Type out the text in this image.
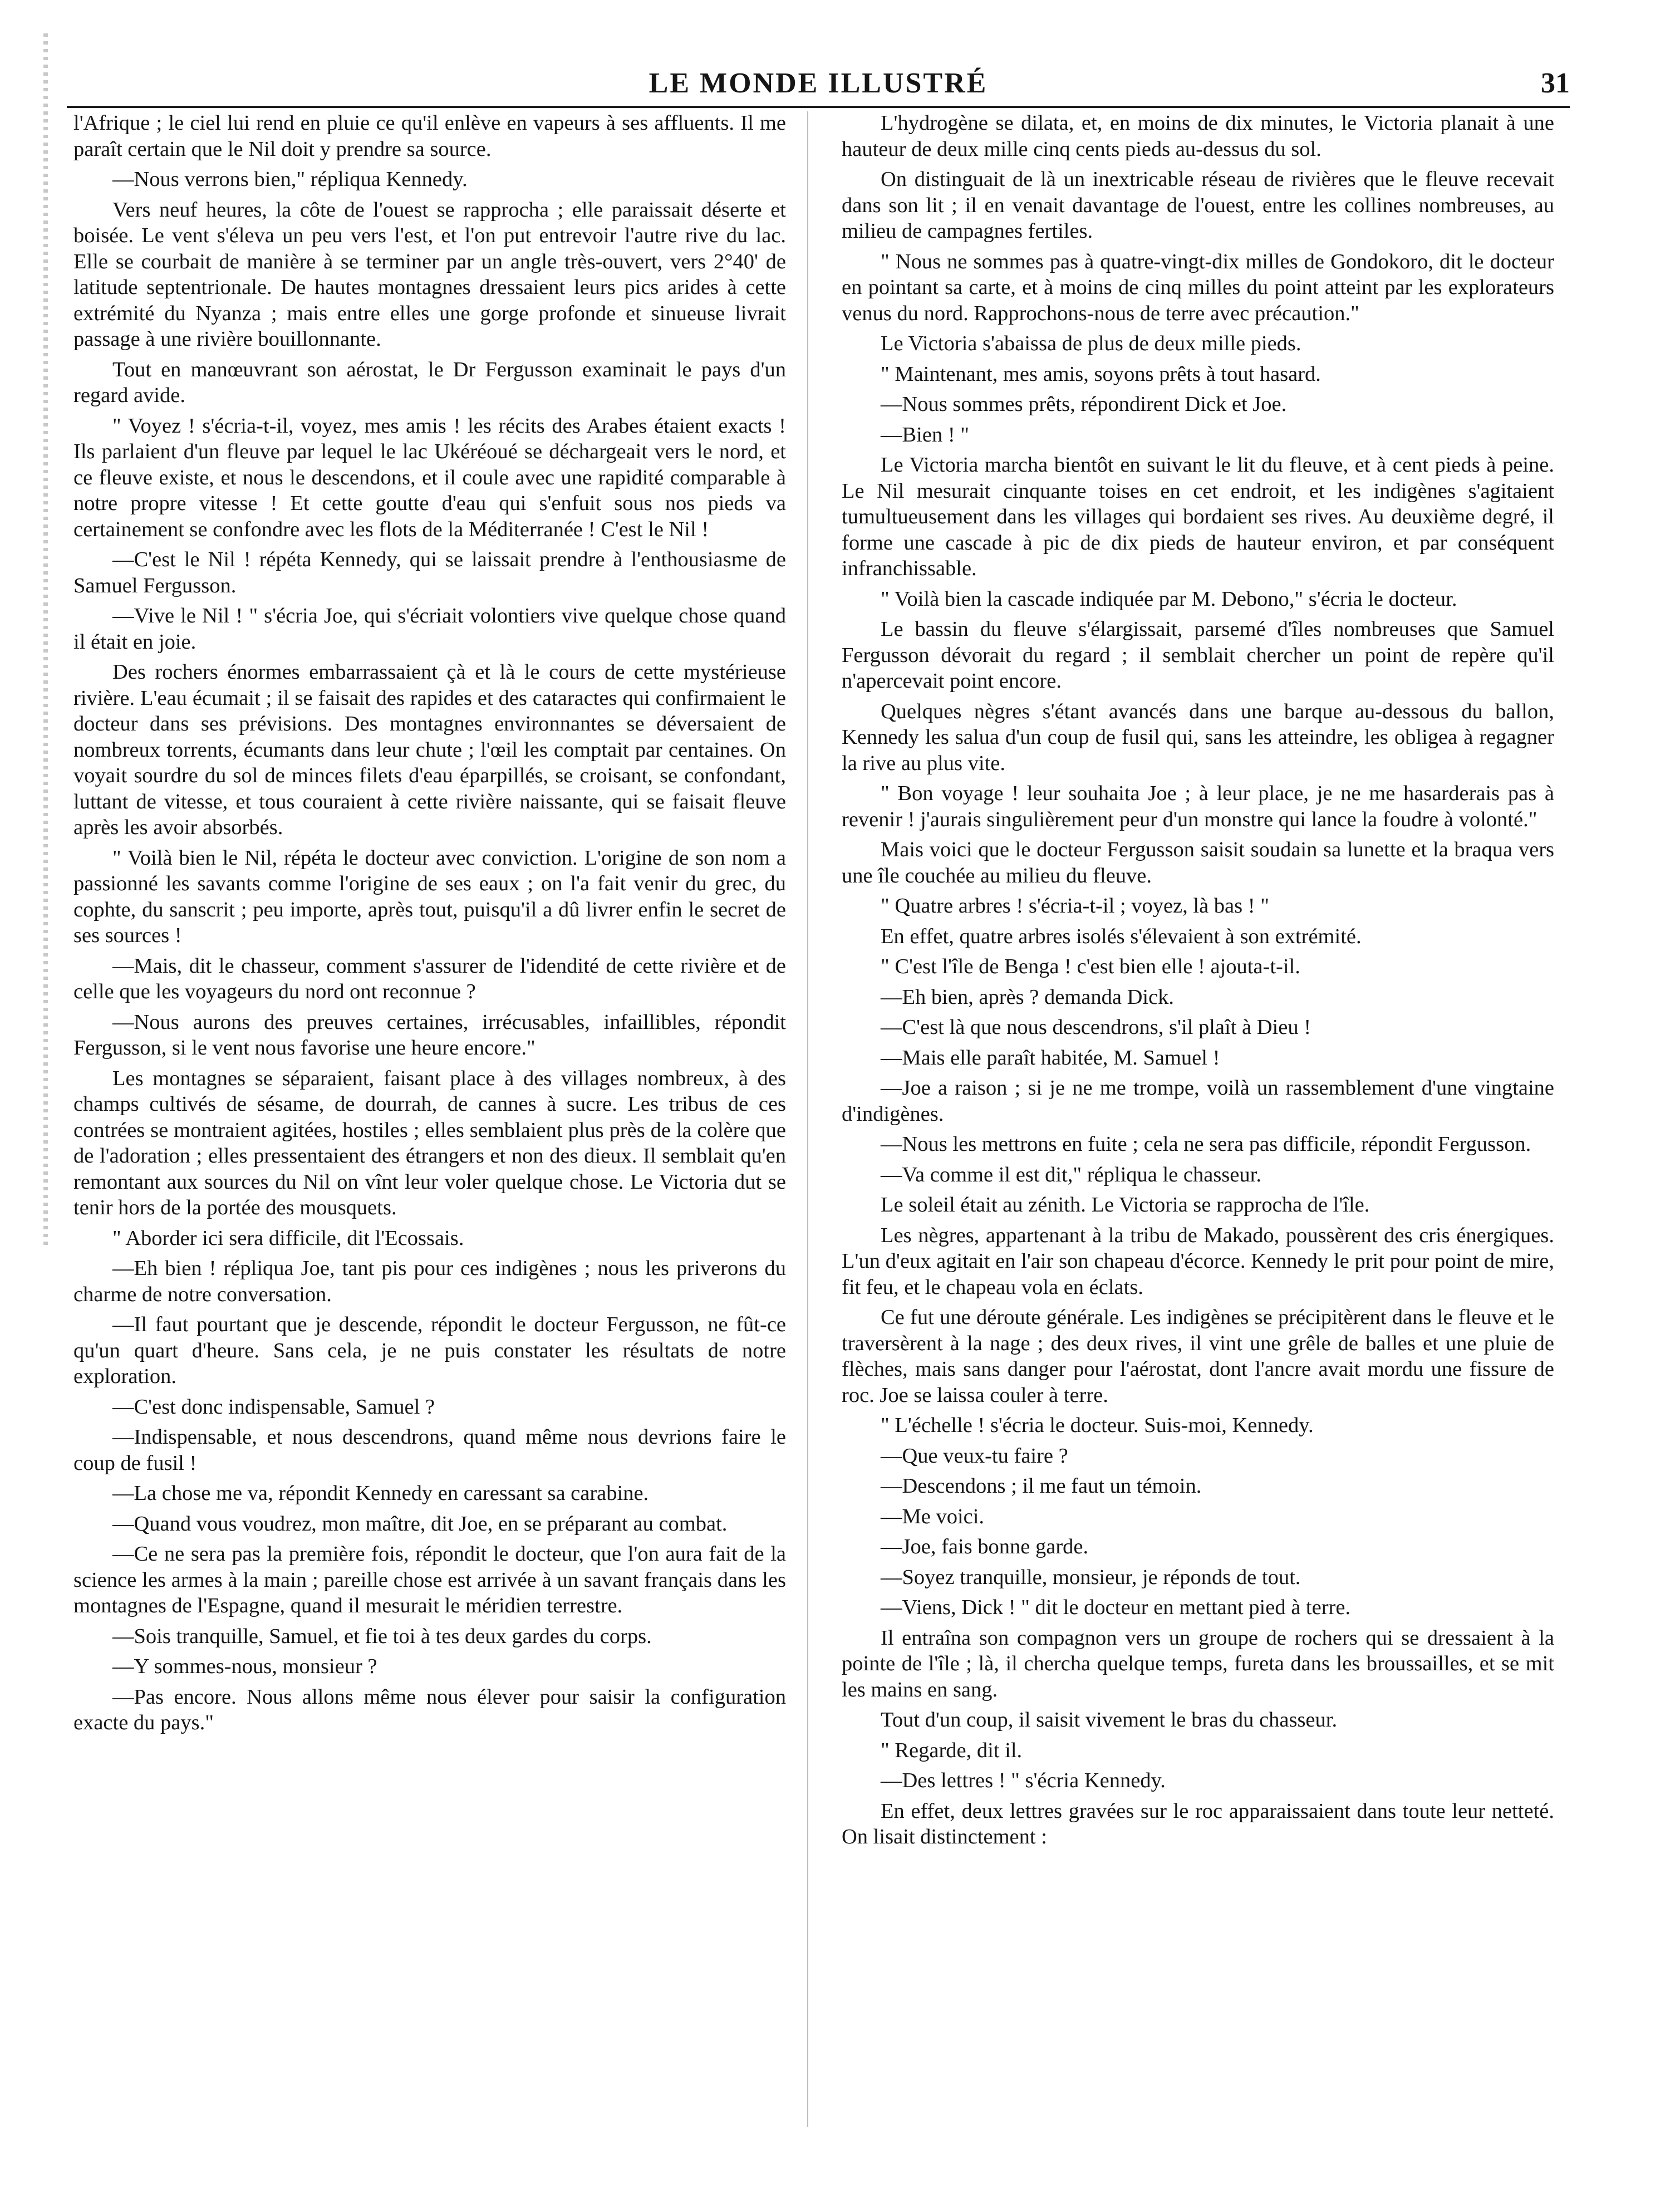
LE MONDE ILLUSTRÉ	31

l'Afrique ; le ciel lui rend en pluie ce qu'il enlève en vapeurs à ses affluents. Il me paraît certain que le Nil doit y prendre sa source.

—Nous verrons bien," répliqua Kennedy.

Vers neuf heures, la côte de l'ouest se rapprocha ; elle paraissait déserte et boisée. Le vent s'éleva un peu vers l'est, et l'on put entrevoir l'autre rive du lac. Elle se courbait de manière à se terminer par un angle très-ouvert, vers 2°40' de latitude septentrionale. De hautes montagnes dressaient leurs pics arides à cette extrémité du Nyanza ; mais entre elles une gorge profonde et sinueuse livrait passage à une rivière bouillonnante.

Tout en manœuvrant son aérostat, le Dr Fergusson examinait le pays d'un regard avide.

" Voyez ! s'écria-t-il, voyez, mes amis ! les récits des Arabes étaient exacts ! Ils parlaient d'un fleuve par lequel le lac Ukéréoué se déchargeait vers le nord, et ce fleuve existe, et nous le descendons, et il coule avec une rapidité comparable à notre propre vitesse ! Et cette goutte d'eau qui s'enfuit sous nos pieds va certainement se confondre avec les flots de la Méditerranée ! C'est le Nil !

—C'est le Nil ! répéta Kennedy, qui se laissait prendre à l'enthousiasme de Samuel Fergusson.

—Vive le Nil ! " s'écria Joe, qui s'écriait volontiers vive quelque chose quand il était en joie.

Des rochers énormes embarrassaient çà et là le cours de cette mystérieuse rivière. L'eau écumait ; il se faisait des rapides et des cataractes qui confirmaient le docteur dans ses prévisions. Des montagnes environnantes se déversaient de nombreux torrents, écumants dans leur chute ; l'œil les comptait par centaines. On voyait sourdre du sol de minces filets d'eau éparpillés, se croisant, se confondant, luttant de vitesse, et tous couraient à cette rivière naissante, qui se faisait fleuve après les avoir absorbés.

" Voilà bien le Nil, répéta le docteur avec conviction. L'origine de son nom a passionné les savants comme l'origine de ses eaux ; on l'a fait venir du grec, du cophte, du sanscrit ; peu importe, après tout, puisqu'il a dû livrer enfin le secret de ses sources !

—Mais, dit le chasseur, comment s'assurer de l'idendité de cette rivière et de celle que les voyageurs du nord ont reconnue ?

—Nous aurons des preuves certaines, irrécusables, infaillibles, répondit Fergusson, si le vent nous favorise une heure encore."

Les montagnes se séparaient, faisant place à des villages nombreux, à des champs cultivés de sésame, de dourrah, de cannes à sucre. Les tribus de ces contrées se montraient agitées, hostiles ; elles semblaient plus près de la colère que de l'adoration ; elles pressentaient des étrangers et non des dieux. Il semblait qu'en remontant aux sources du Nil on vînt leur voler quelque chose. Le Victoria dut se tenir hors de la portée des mousquets.

" Aborder ici sera difficile, dit l'Ecossais.

—Eh bien ! répliqua Joe, tant pis pour ces indigènes ; nous les priverons du charme de notre conversation.

—Il faut pourtant que je descende, répondit le docteur Fergusson, ne fût-ce qu'un quart d'heure. Sans cela, je ne puis constater les résultats de notre exploration.

—C'est donc indispensable, Samuel ?

—Indispensable, et nous descendrons, quand même nous devrions faire le coup de fusil !

—La chose me va, répondit Kennedy en caressant sa carabine.

—Quand vous voudrez, mon maître, dit Joe, en se préparant au combat.

—Ce ne sera pas la première fois, répondit le docteur, que l'on aura fait de la science les armes à la main ; pareille chose est arrivée à un savant français dans les montagnes de l'Espagne, quand il mesurait le méridien terrestre.

—Sois tranquille, Samuel, et fie toi à tes deux gardes du corps.

—Y sommes-nous, monsieur ?

—Pas encore. Nous allons même nous élever pour saisir la configuration exacte du pays."

L'hydrogène se dilata, et, en moins de dix minutes, le Victoria planait à une hauteur de deux mille cinq cents pieds au-dessus du sol.

On distinguait de là un inextricable réseau de rivières que le fleuve recevait dans son lit ; il en venait davantage de l'ouest, entre les collines nombreuses, au milieu de campagnes fertiles.

" Nous ne sommes pas à quatre-vingt-dix milles de Gondokoro, dit le docteur en pointant sa carte, et à moins de cinq milles du point atteint par les explorateurs venus du nord. Rapprochons-nous de terre avec précaution."

Le Victoria s'abaissa de plus de deux mille pieds.

" Maintenant, mes amis, soyons prêts à tout hasard.

—Nous sommes prêts, répondirent Dick et Joe.

—Bien ! "

Le Victoria marcha bientôt en suivant le lit du fleuve, et à cent pieds à peine. Le Nil mesurait cinquante toises en cet endroit, et les indigènes s'agitaient tumultueusement dans les villages qui bordaient ses rives. Au deuxième degré, il forme une cascade à pic de dix pieds de hauteur environ, et par conséquent infranchissable.

" Voilà bien la cascade indiquée par M. Debono," s'écria le docteur.

Le bassin du fleuve s'élargissait, parsemé d'îles nombreuses que Samuel Fergusson dévorait du regard ; il semblait chercher un point de repère qu'il n'apercevait point encore.

Quelques nègres s'étant avancés dans une barque au-dessous du ballon, Kennedy les salua d'un coup de fusil qui, sans les atteindre, les obligea à regagner la rive au plus vite.

" Bon voyage ! leur souhaita Joe ; à leur place, je ne me hasarderais pas à revenir ! j'aurais singulièrement peur d'un monstre qui lance la foudre à volonté."

Mais voici que le docteur Fergusson saisit soudain sa lunette et la braqua vers une île couchée au milieu du fleuve.

" Quatre arbres ! s'écria-t-il ; voyez, là bas ! "

En effet, quatre arbres isolés s'élevaient à son extrémité.

" C'est l'île de Benga ! c'est bien elle ! ajouta-t-il.

—Eh bien, après ? demanda Dick.

—C'est là que nous descendrons, s'il plaît à Dieu !

—Mais elle paraît habitée, M. Samuel !

—Joe a raison ; si je ne me trompe, voilà un rassemblement d'une vingtaine d'indigènes.

—Nous les mettrons en fuite ; cela ne sera pas difficile, répondit Fergusson.

—Va comme il est dit," répliqua le chasseur.

Le soleil était au zénith. Le Victoria se rapprocha de l'île.

Les nègres, appartenant à la tribu de Makado, poussèrent des cris énergiques. L'un d'eux agitait en l'air son chapeau d'écorce. Kennedy le prit pour point de mire, fit feu, et le chapeau vola en éclats.

Ce fut une déroute générale. Les indigènes se précipitèrent dans le fleuve et le traversèrent à la nage ; des deux rives, il vint une grêle de balles et une pluie de flèches, mais sans danger pour l'aérostat, dont l'ancre avait mordu une fissure de roc. Joe se laissa couler à terre.

" L'échelle ! s'écria le docteur. Suis-moi, Kennedy.

—Que veux-tu faire ?

—Descendons ; il me faut un témoin.

—Me voici.

—Joe, fais bonne garde.

—Soyez tranquille, monsieur, je réponds de tout.

—Viens, Dick ! " dit le docteur en mettant pied à terre.

Il entraîna son compagnon vers un groupe de rochers qui se dressaient à la pointe de l'île ; là, il chercha quelque temps, fureta dans les broussailles, et se mit les mains en sang.

Tout d'un coup, il saisit vivement le bras du chasseur.

" Regarde, dit il.

—Des lettres ! " s'écria Kennedy.

En effet, deux lettres gravées sur le roc apparaissaient dans toute leur netteté. On lisait distinctement :
